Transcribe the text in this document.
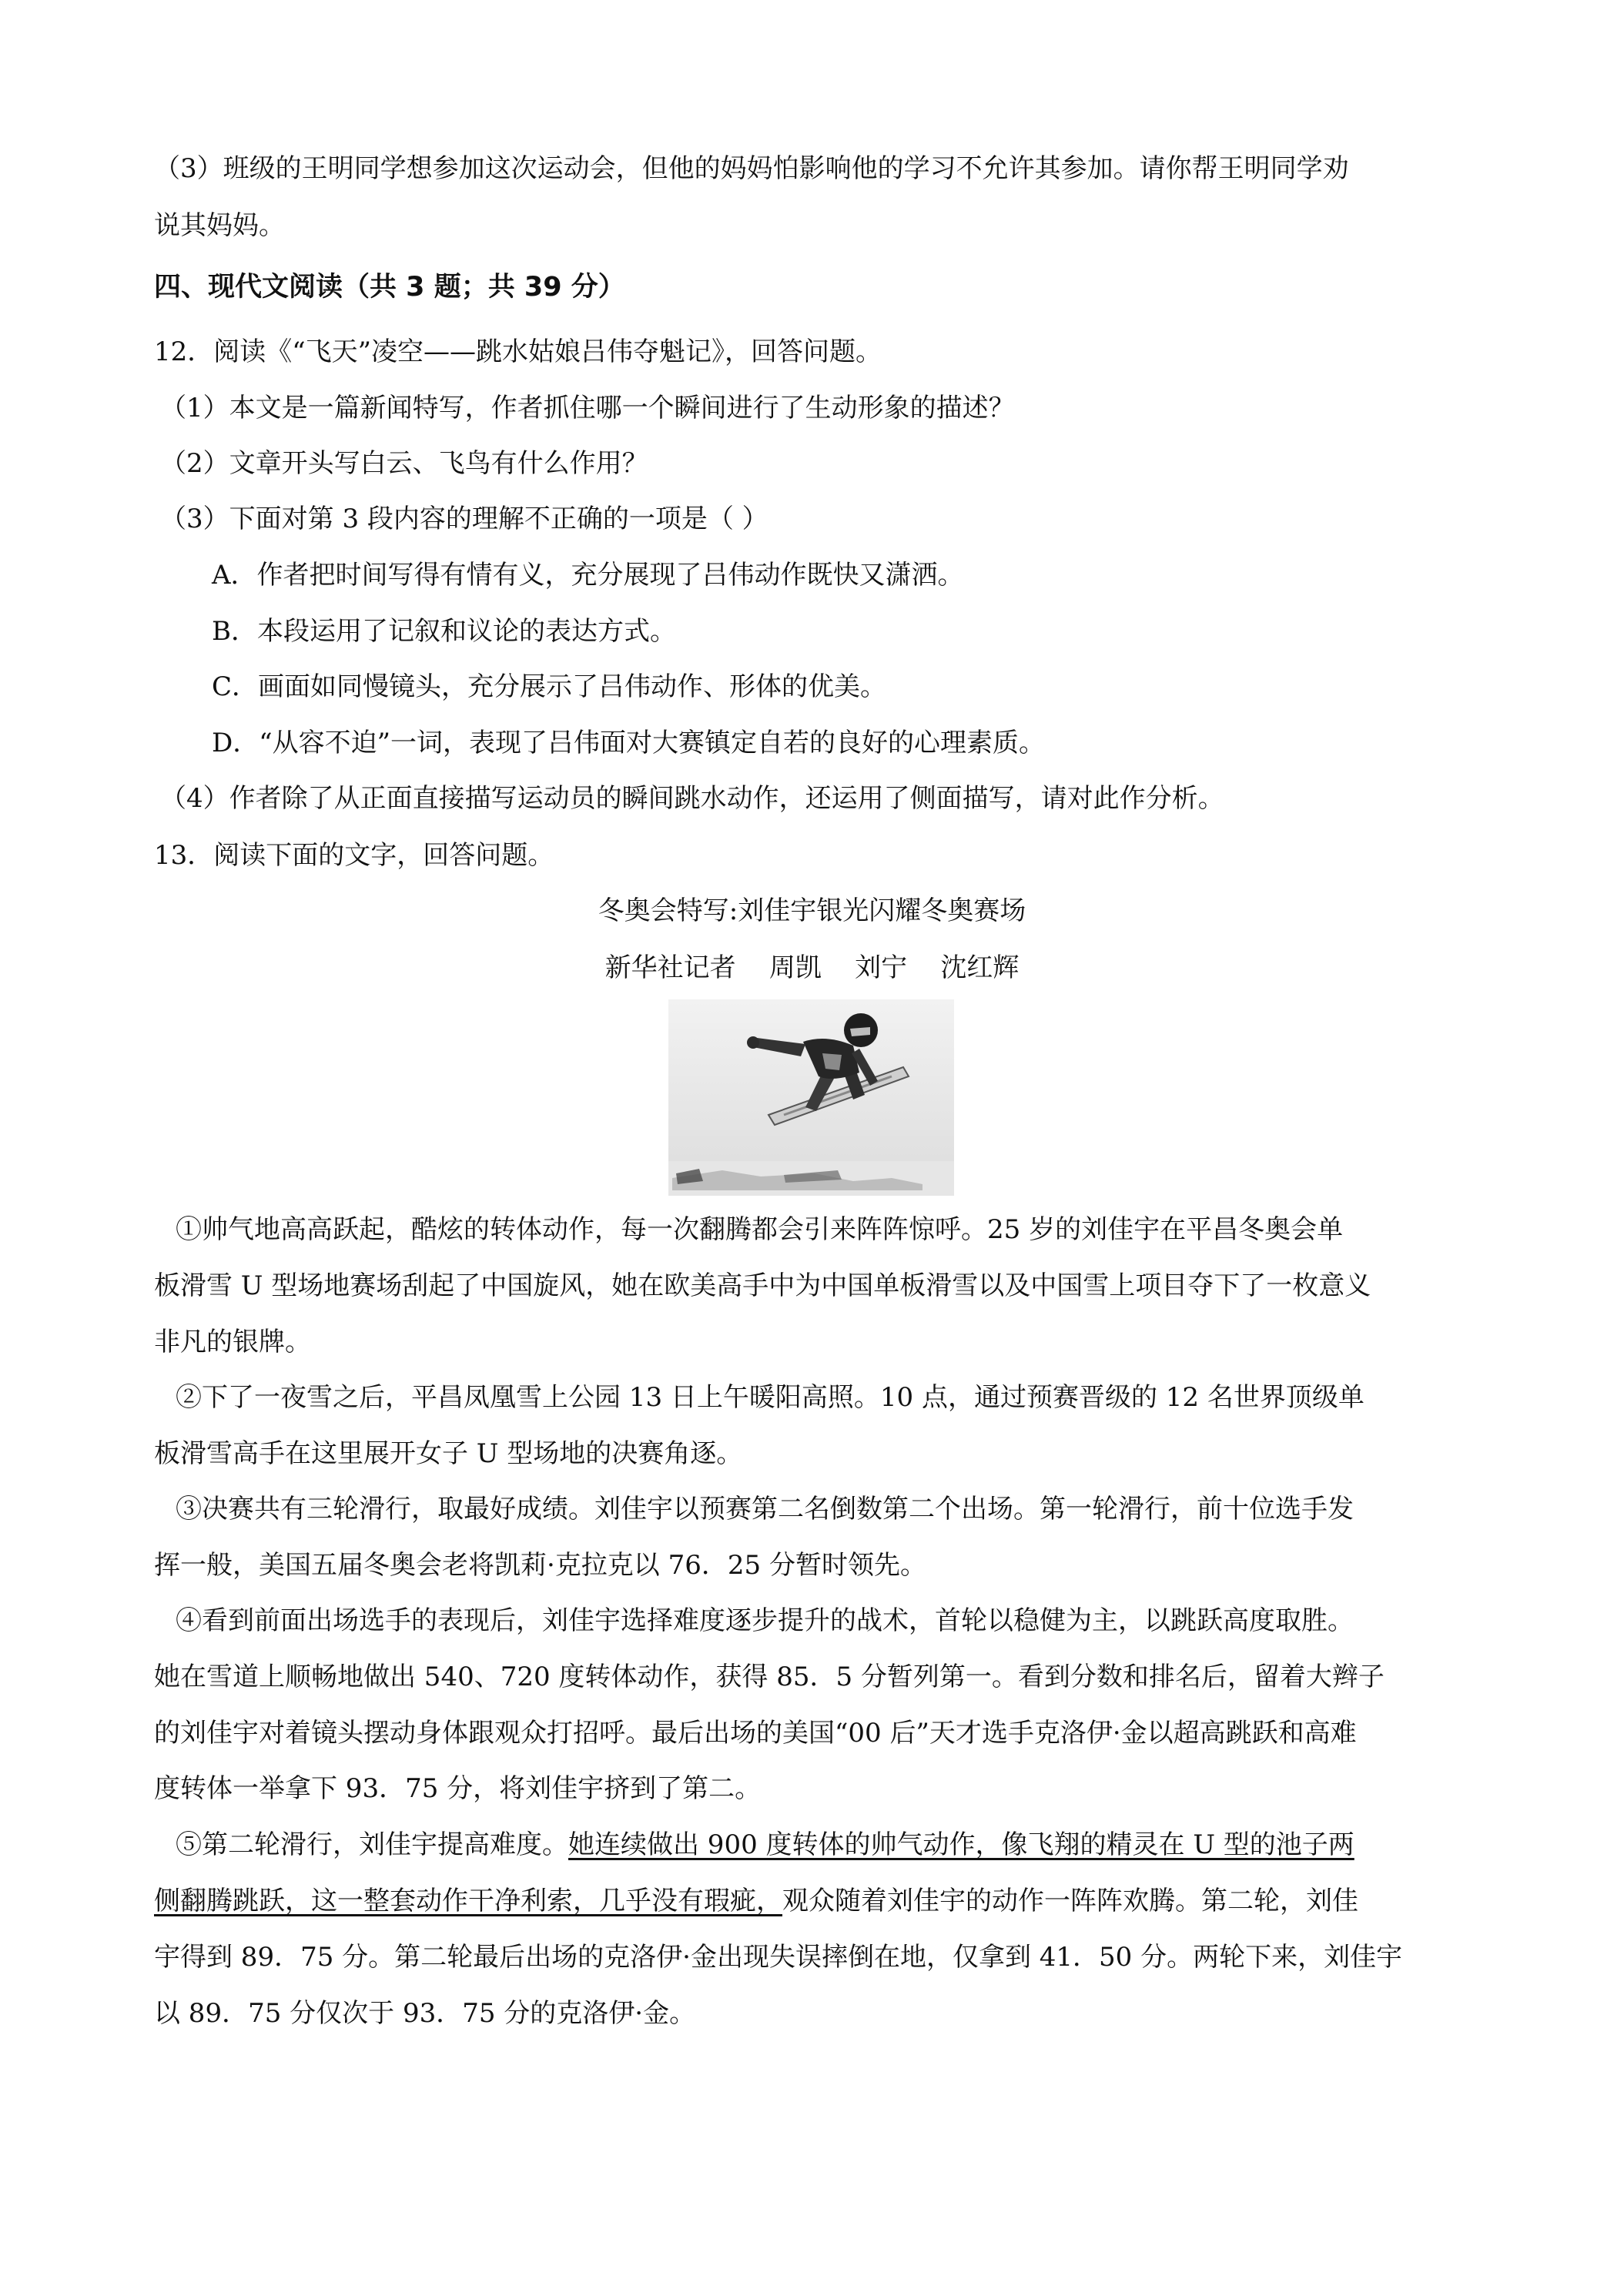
（3）班级的王明同学想参加这次运动会，但他的妈妈怕影响他的学习不允许其参加。请你帮王明同学劝
说其妈妈。
四、现代文阅读（共 3 题；共 39 分）
12．阅读《“飞天”凌空——跳水姑娘吕伟夺魁记》，回答问题。
（1）本文是一篇新闻特写，作者抓住哪一个瞬间进行了生动形象的描述？
（2）文章开头写白云、飞鸟有什么作用？
（3）下面对第 3 段内容的理解不正确的一项是（ ）
A．作者把时间写得有情有义，充分展现了吕伟动作既快又潇洒。
B．本段运用了记叙和议论的表达方式。
C．画面如同慢镜头，充分展示了吕伟动作、形体的优美。
D．“从容不迫”一词，表现了吕伟面对大赛镇定自若的良好的心理素质。
（4）作者除了从正面直接描写运动员的瞬间跳水动作，还运用了侧面描写，请对此作分析。
13．阅读下面的文字，回答问题。
冬奥会特写:刘佳宇银光闪耀冬奥赛场
新华社记者    周凯    刘宁    沈红辉
①帅气地高高跃起，酷炫的转体动作，每一次翻腾都会引来阵阵惊呼。25 岁的刘佳宇在平昌冬奥会单
板滑雪 U 型场地赛场刮起了中国旋风，她在欧美高手中为中国单板滑雪以及中国雪上项目夺下了一枚意义
非凡的银牌。
②下了一夜雪之后，平昌凤凰雪上公园 13 日上午暖阳高照。10 点，通过预赛晋级的 12 名世界顶级单
板滑雪高手在这里展开女子 U 型场地的决赛角逐。
③决赛共有三轮滑行，取最好成绩。刘佳宇以预赛第二名倒数第二个出场。第一轮滑行，前十位选手发
挥一般，美国五届冬奥会老将凯莉·克拉克以 76．25 分暂时领先。
④看到前面出场选手的表现后，刘佳宇选择难度逐步提升的战术，首轮以稳健为主，以跳跃高度取胜。
她在雪道上顺畅地做出 540、720 度转体动作，获得 85．5 分暂列第一。看到分数和排名后，留着大辫子
的刘佳宇对着镜头摆动身体跟观众打招呼。最后出场的美国“00 后”天才选手克洛伊·金以超高跳跃和高难
度转体一举拿下 93．75 分，将刘佳宇挤到了第二。
⑤第二轮滑行，刘佳宇提高难度。她连续做出 900 度转体的帅气动作，像飞翔的精灵在 U 型的池子两
侧翻腾跳跃，这一整套动作干净利索，几乎没有瑕疵，观众随着刘佳宇的动作一阵阵欢腾。第二轮，刘佳
宇得到 89．75 分。第二轮最后出场的克洛伊·金出现失误摔倒在地，仅拿到 41．50 分。两轮下来，刘佳宇
以 89．75 分仅次于 93．75 分的克洛伊·金。
